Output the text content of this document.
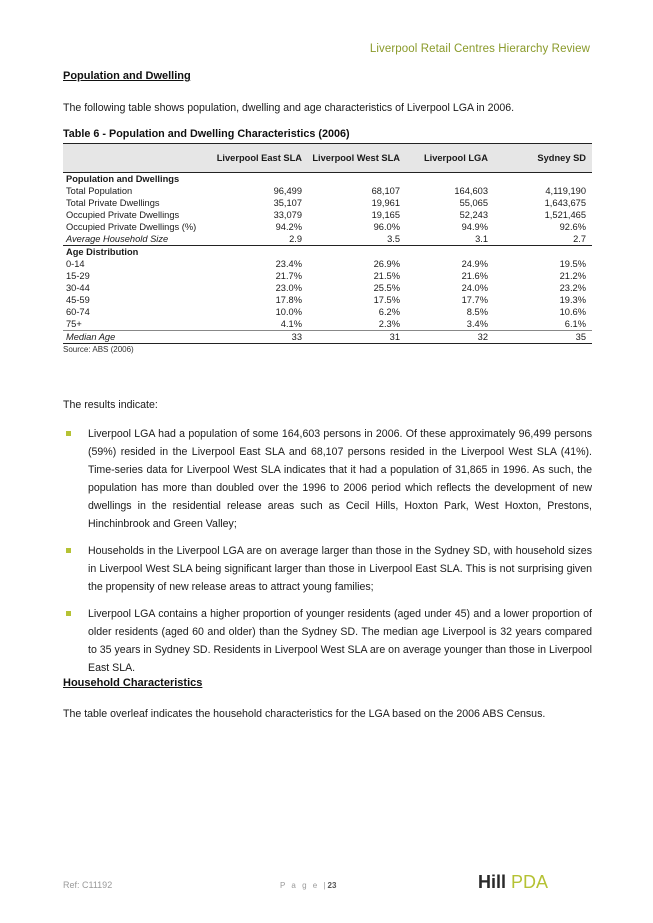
Liverpool Retail Centres Hierarchy Review
Population and Dwelling
The following table shows population, dwelling and age characteristics of Liverpool LGA in 2006.
Table 6 - Population and Dwelling Characteristics (2006)
	Liverpool East SLA	Liverpool West SLA	Liverpool LGA	Sydney SD
Population and Dwellings				
Total Population	96,499	68,107	164,603	4,119,190
Total Private Dwellings	35,107	19,961	55,065	1,643,675
Occupied Private Dwellings	33,079	19,165	52,243	1,521,465
Occupied Private Dwellings (%)	94.2%	96.0%	94.9%	92.6%
Average Household Size	2.9	3.5	3.1	2.7
Age Distribution				
0-14	23.4%	26.9%	24.9%	19.5%
15-29	21.7%	21.5%	21.6%	21.2%
30-44	23.0%	25.5%	24.0%	23.2%
45-59	17.8%	17.5%	17.7%	19.3%
60-74	10.0%	6.2%	8.5%	10.6%
75+	4.1%	2.3%	3.4%	6.1%
Median Age	33	31	32	35
Source: ABS (2006)
The results indicate:
Liverpool LGA had a population of some 164,603 persons in 2006. Of these approximately 96,499 persons (59%) resided in the Liverpool East SLA and 68,107 persons resided in the Liverpool West SLA (41%). Time-series data for Liverpool West SLA indicates that it had a population of 31,865 in 1996. As such, the population has more than doubled over the 1996 to 2006 period which reflects the development of new dwellings in the residential release areas such as Cecil Hills, Hoxton Park, West Hoxton, Prestons, Hinchinbrook and Green Valley;
Households in the Liverpool LGA are on average larger than those in the Sydney SD, with household sizes in Liverpool West SLA being significant larger than those in Liverpool East SLA. This is not surprising given the propensity of new release areas to attract young families;
Liverpool LGA contains a higher proportion of younger residents (aged under 45) and a lower proportion of older residents (aged 60 and older) than the Sydney SD. The median age Liverpool is 32 years compared to 35 years in Sydney SD. Residents in Liverpool West SLA are on average younger than those in Liverpool East SLA.
Household Characteristics
The table overleaf indicates the household characteristics for the LGA based on the 2006 ABS Census.
Ref: C11192	P a g e |23	Hill PDA
